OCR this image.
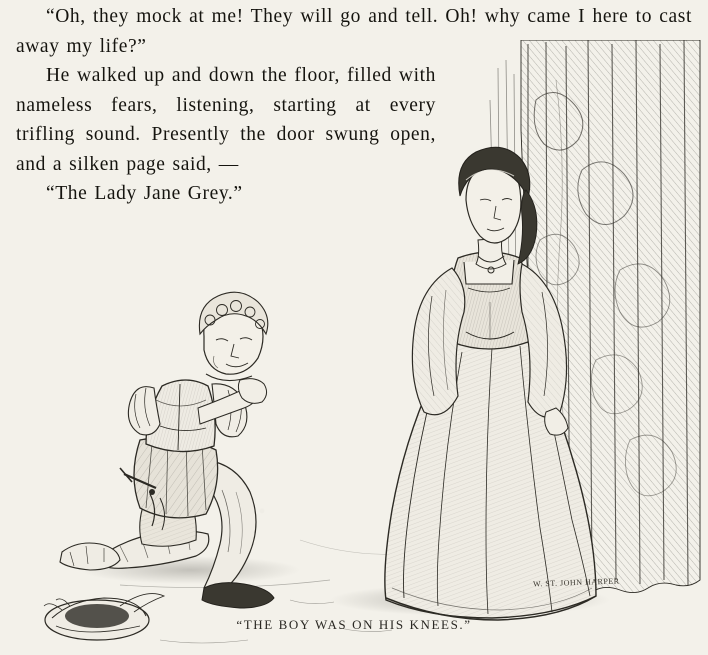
“Oh, they mock at me! They will go and tell. Oh! why came I here to cast away my life?”

He walked up and down the floor, filled with nameless fears, listening, starting at every trifling sound. Presently the door swung open, and a silken page said, —

“The Lady Jane Grey.”

W. ST. JOHN HARPER
“THE BOY WAS ON HIS KNEES.”
